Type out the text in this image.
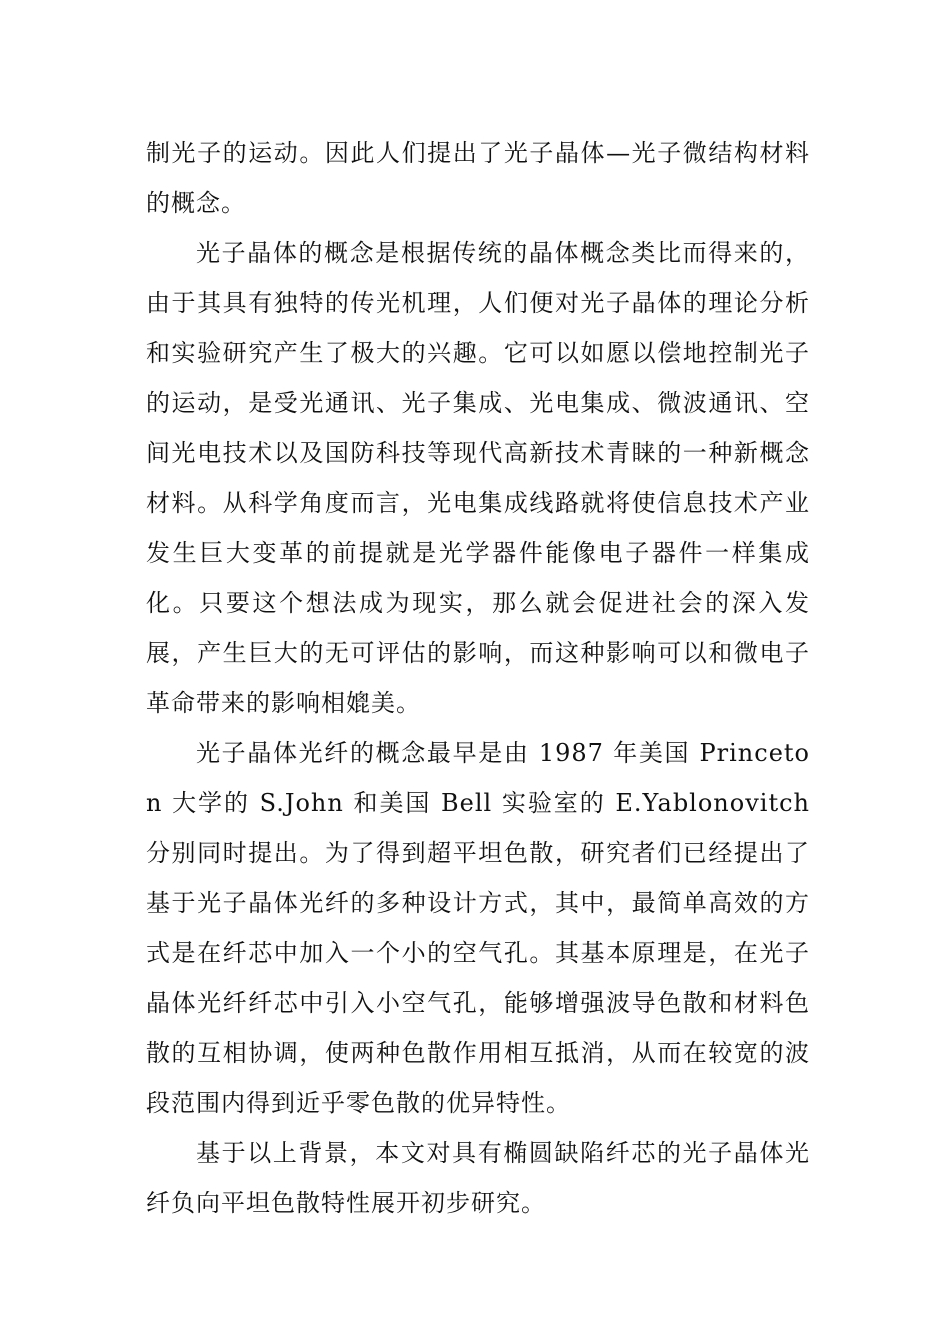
制光子的运动。因此人们提出了光子晶体—光子微结构材料的概念。

光子晶体的概念是根据传统的晶体概念类比而得来的，由于其具有独特的传光机理，人们便对光子晶体的理论分析和实验研究产生了极大的兴趣。它可以如愿以偿地控制光子的运动，是受光通讯、光子集成、光电集成、微波通讯、空间光电技术以及国防科技等现代高新技术青睐的一种新概念材料。从科学角度而言，光电集成线路就将使信息技术产业发生巨大变革的前提就是光学器件能像电子器件一样集成化。只要这个想法成为现实，那么就会促进社会的深入发展，产生巨大的无可评估的影响，而这种影响可以和微电子革命带来的影响相媲美。

光子晶体光纤的概念最早是由 1987 年美国 Princeton 大学的 S.John 和美国 Bell 实验室的 E.Yablonovitch 分别同时提出。为了得到超平坦色散，研究者们已经提出了基于光子晶体光纤的多种设计方式，其中，最简单高效的方式是在纤芯中加入一个小的空气孔。其基本原理是，在光子晶体光纤纤芯中引入小空气孔，能够增强波导色散和材料色散的互相协调，使两种色散作用相互抵消，从而在较宽的波段范围内得到近乎零色散的优异特性。

基于以上背景，本文对具有椭圆缺陷纤芯的光子晶体光纤负向平坦色散特性展开初步研究。
